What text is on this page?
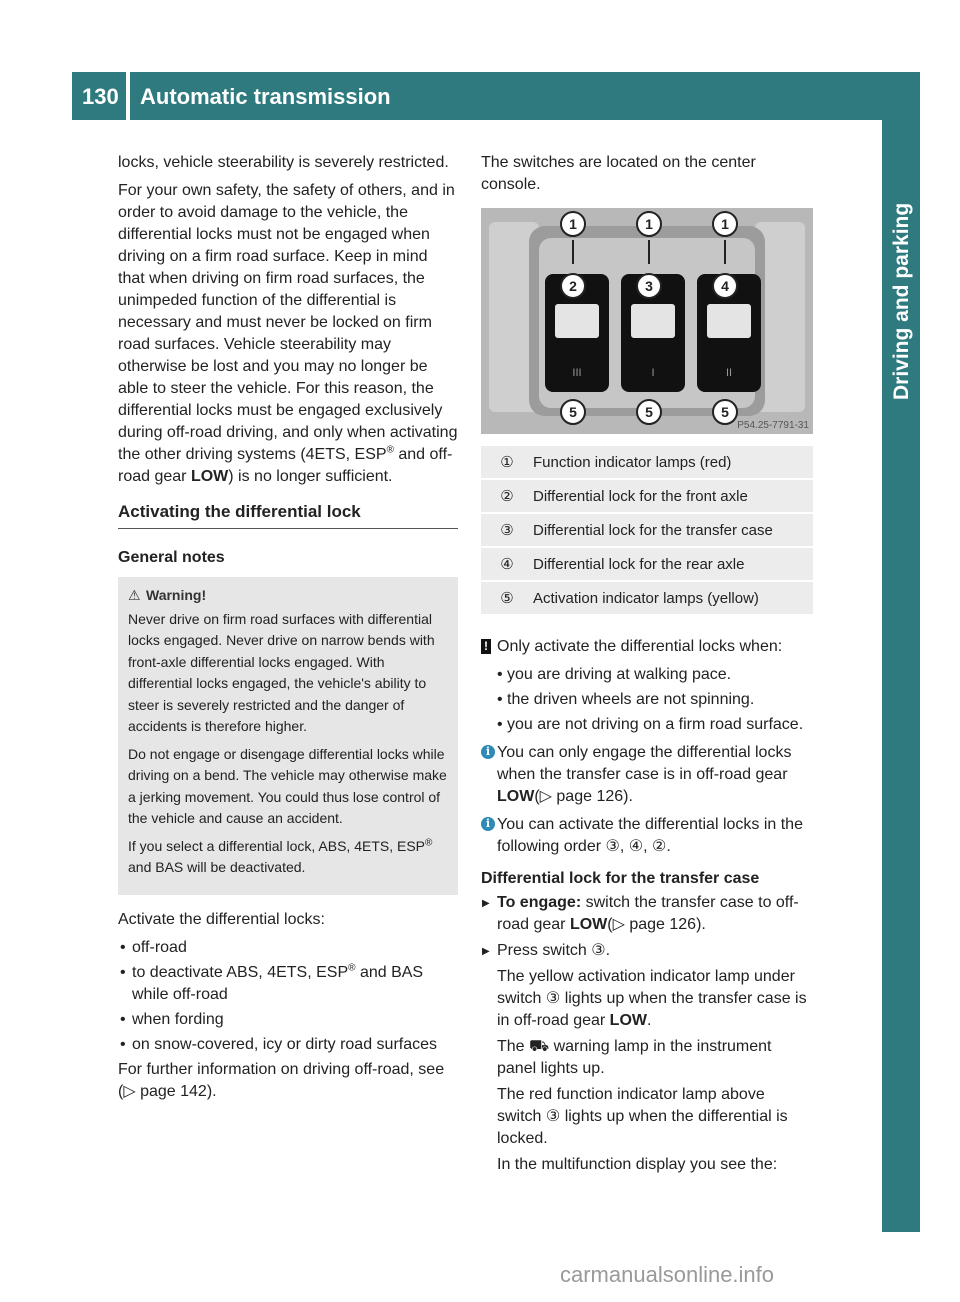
130 Automatic transmission
Driving and parking

locks, vehicle steerability is severely restricted.

For your own safety, the safety of others, and in order to avoid damage to the vehicle, the differential locks must not be engaged when driving on a firm road surface. Keep in mind that when driving on firm road surfaces, the unimpeded function of the differential is necessary and must never be locked on firm road surfaces. Vehicle steerability may otherwise be lost and you may no longer be able to steer the vehicle. For this reason, the differential locks must be engaged exclusively during off-road driving, and only when activating the other driving systems (4ETS, ESP® and off-road gear LOW) is no longer sufficient.

Activating the differential lock
General notes
⚠ Warning!

Never drive on firm road surfaces with differential locks engaged. Never drive on narrow bends with front-axle differential locks engaged. With differential locks engaged, the vehicle's ability to steer is severely restricted and the danger of accidents is therefore higher.

Do not engage or disengage differential locks while driving on a bend. The vehicle may otherwise make a jerking movement. You could thus lose control of the vehicle and cause an accident.

If you select a differential lock, ABS, 4ETS, ESP® and BAS will be deactivated.

Activate the differential locks:

• off-road
• to deactivate ABS, 4ETS, ESP® and BAS while off-road
• when fording
• on snow-covered, icy or dirty road surfaces

For further information on driving off-road, see (▷ page 142).

The switches are located on the center console.

III	I	II
1	1	1
2	3	4
5	5	5
P54.25-7791-31
①	Function indicator lamps (red)
②	Differential lock for the front axle
③	Differential lock for the transfer case
④	Differential lock for the rear axle
⑤	Activation indicator lamps (yellow)
! Only activate the differential locks when:
• you are driving at walking pace.
• the driven wheels are not spinning.
• you are not driving on a firm road surface.
i You can only engage the differential locks when the transfer case is in off-road gear LOW(▷ page 126).
i You can activate the differential locks in the following order ③, ④, ②.
Differential lock for the transfer case
▶ To engage: switch the transfer case to off-road gear LOW(▷ page 126).
▶ Press switch ③.
The yellow activation indicator lamp under switch ③ lights up when the transfer case is in off-road gear LOW.
The ⛟ warning lamp in the instrument panel lights up.
The red function indicator lamp above switch ③ lights up when the differential is locked.
In the multifunction display you see the:
carmanualsonline.info
